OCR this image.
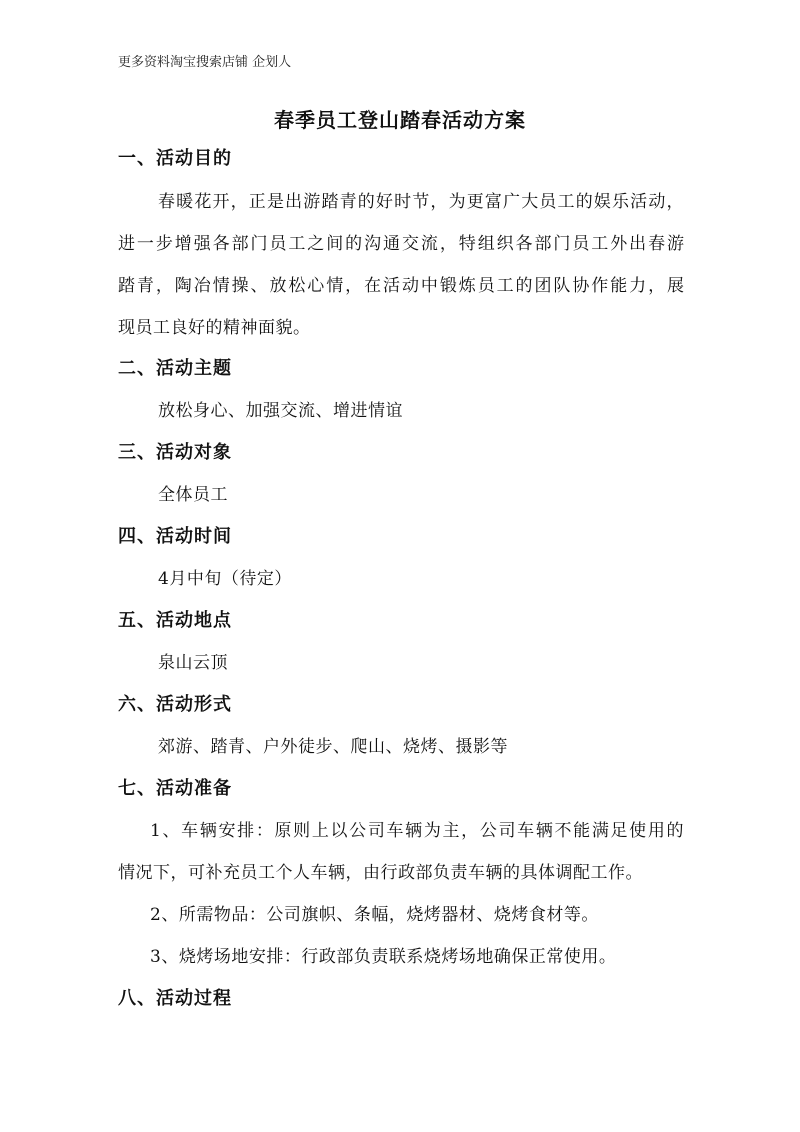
更多资料淘宝搜索店铺 企划人
春季员工登山踏春活动方案
一、活动目的
春暖花开，正是出游踏青的好时节，为更富广大员工的娱乐活动，
进一步增强各部门员工之间的沟通交流，特组织各部门员工外出春游
踏青，陶冶情操、放松心情，在活动中锻炼员工的团队协作能力，展
现员工良好的精神面貌。
二、活动主题
放松身心、加强交流、增进情谊
三、活动对象
全体员工
四、活动时间
4月中旬（待定）
五、活动地点
泉山云顶
六、活动形式
郊游、踏青、户外徒步、爬山、烧烤、摄影等
七、活动准备
1、车辆安排：原则上以公司车辆为主，公司车辆不能满足使用的
情况下，可补充员工个人车辆，由行政部负责车辆的具体调配工作。
2、所需物品：公司旗帜、条幅，烧烤器材、烧烤食材等。
3、烧烤场地安排：行政部负责联系烧烤场地确保正常使用。
八、活动过程
